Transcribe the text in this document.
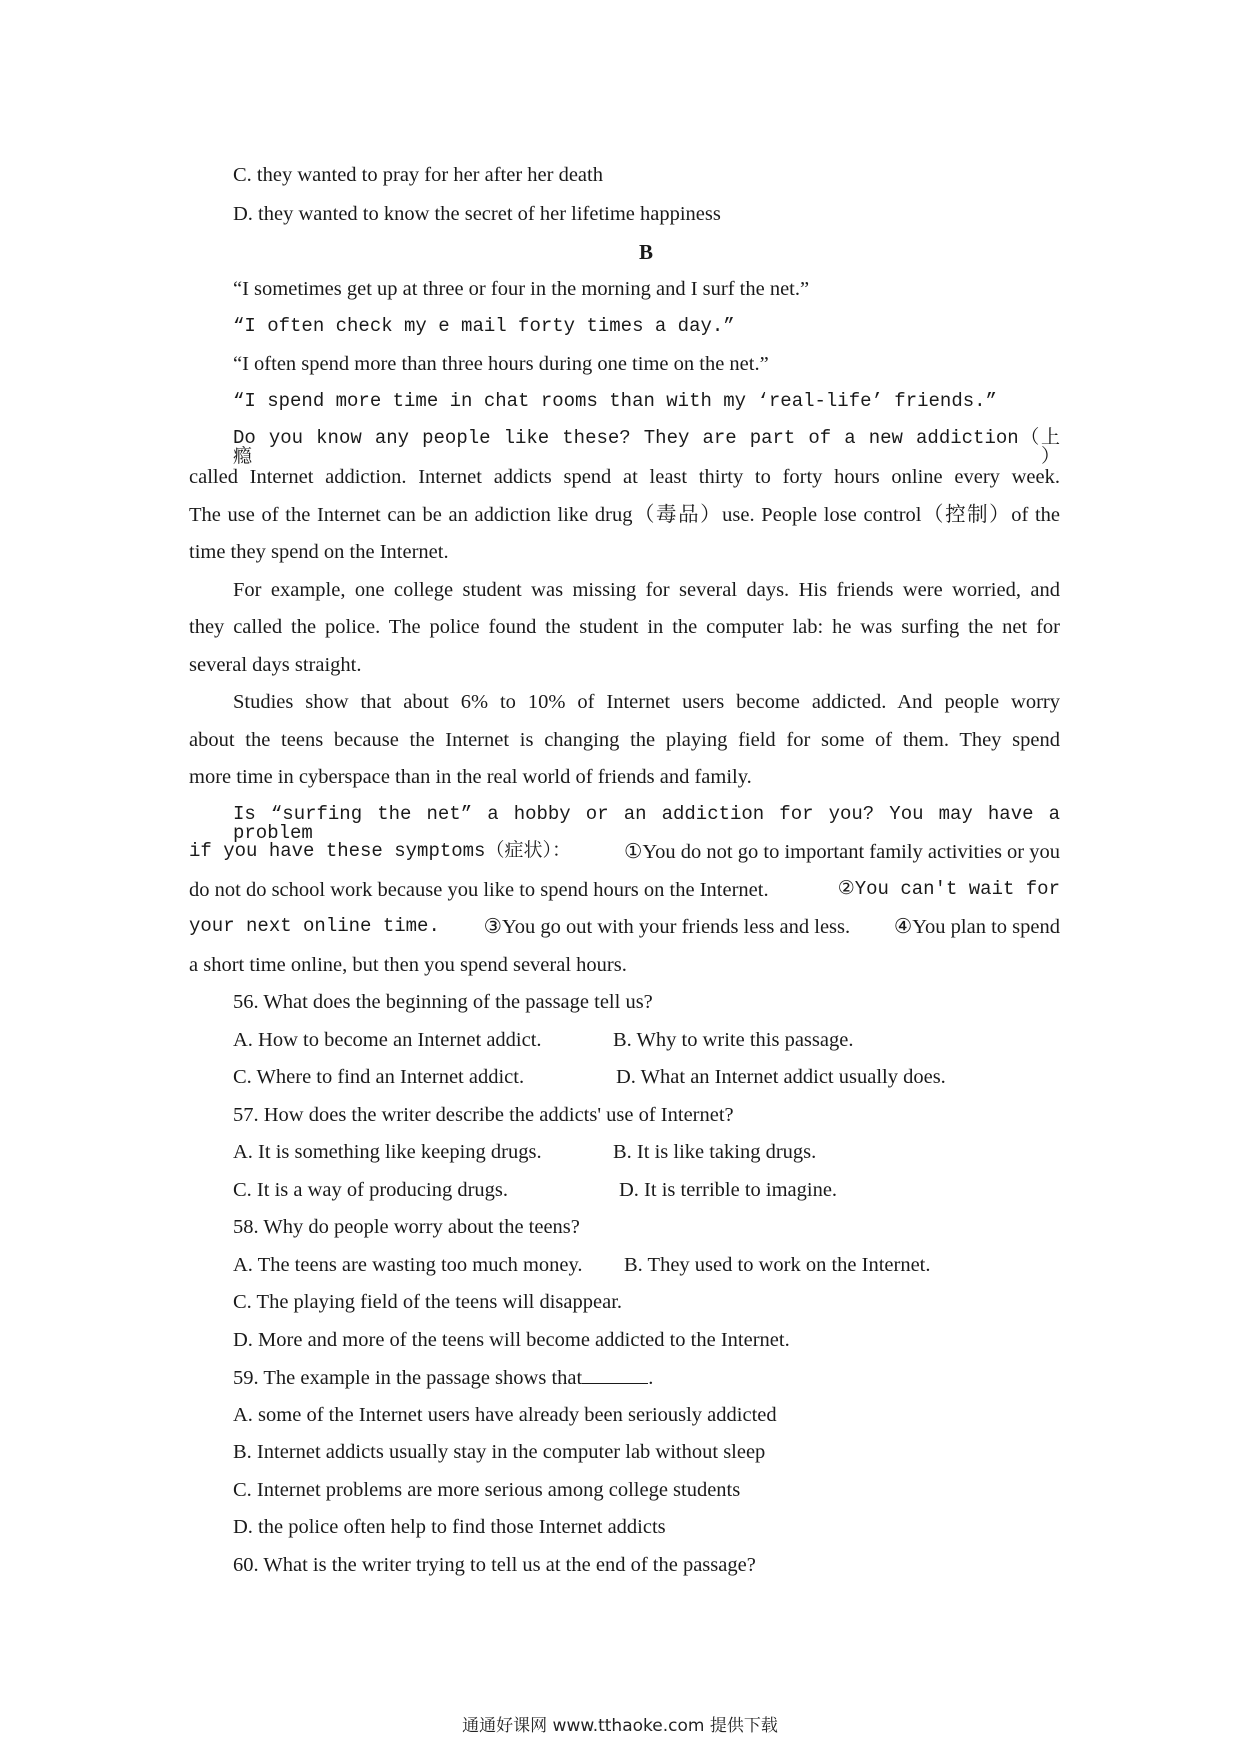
C. they wanted to pray for her after her death
D. they wanted to know the secret of her lifetime happiness
B
“I sometimes get up at three or four in the morning and I surf the net.”
“I often check my e mail forty times a day.”
“I often spend more than three hours during one time on the net.”
“I spend more time in chat rooms than with my ‘real-life’ friends.”
Do you know any people like these? They are part of a new addiction（上瘾）
called Internet addiction. Internet addicts spend at least thirty to forty hours online every week.
The use of the Internet can be an addiction like drug（毒品）use. People lose control（控制）of the
time they spend on the Internet.
For example, one college student was missing for several days. His friends were worried, and
they called the police. The police found the student in the computer lab: he was surfing the net for
several days straight.
Studies show that about 6% to 10% of Internet users become addicted. And people worry
about the teens because the Internet is changing the playing field for some of them. They spend
more time in cyberspace than in the real world of friends and family.
Is “surfing the net” a hobby or an addiction for you? You may have a problem
if you have these symptoms（症状）：	①You do not go to important family activities or you
do not do school work because you like to spend hours on the Internet.	②You can't wait for
your next online time. ③You go out with your friends less and less. ④You plan to spend
a short time online, but then you spend several hours.
56. What does the beginning of the passage tell us?
A. How to become an Internet addict.	B. Why to write this passage.
C. Where to find an Internet addict.	D. What an Internet addict usually does.
57. How does the writer describe the addicts' use of Internet?
A. It is something like keeping drugs.	B. It is like taking drugs.
C. It is a way of producing drugs.	D. It is terrible to imagine.
58. Why do people worry about the teens?
A. The teens are wasting too much money. B. They used to work on the Internet.
C. The playing field of the teens will disappear.
D. More and more of the teens will become addicted to the Internet.
59. The example in the passage shows that	.
A. some of the Internet users have already been seriously addicted
B. Internet addicts usually stay in the computer lab without sleep
C. Internet problems are more serious among college students
D. the police often help to find those Internet addicts
60. What is the writer trying to tell us at the end of the passage?
通通好课网 www.tthaoke.com 提供下载
